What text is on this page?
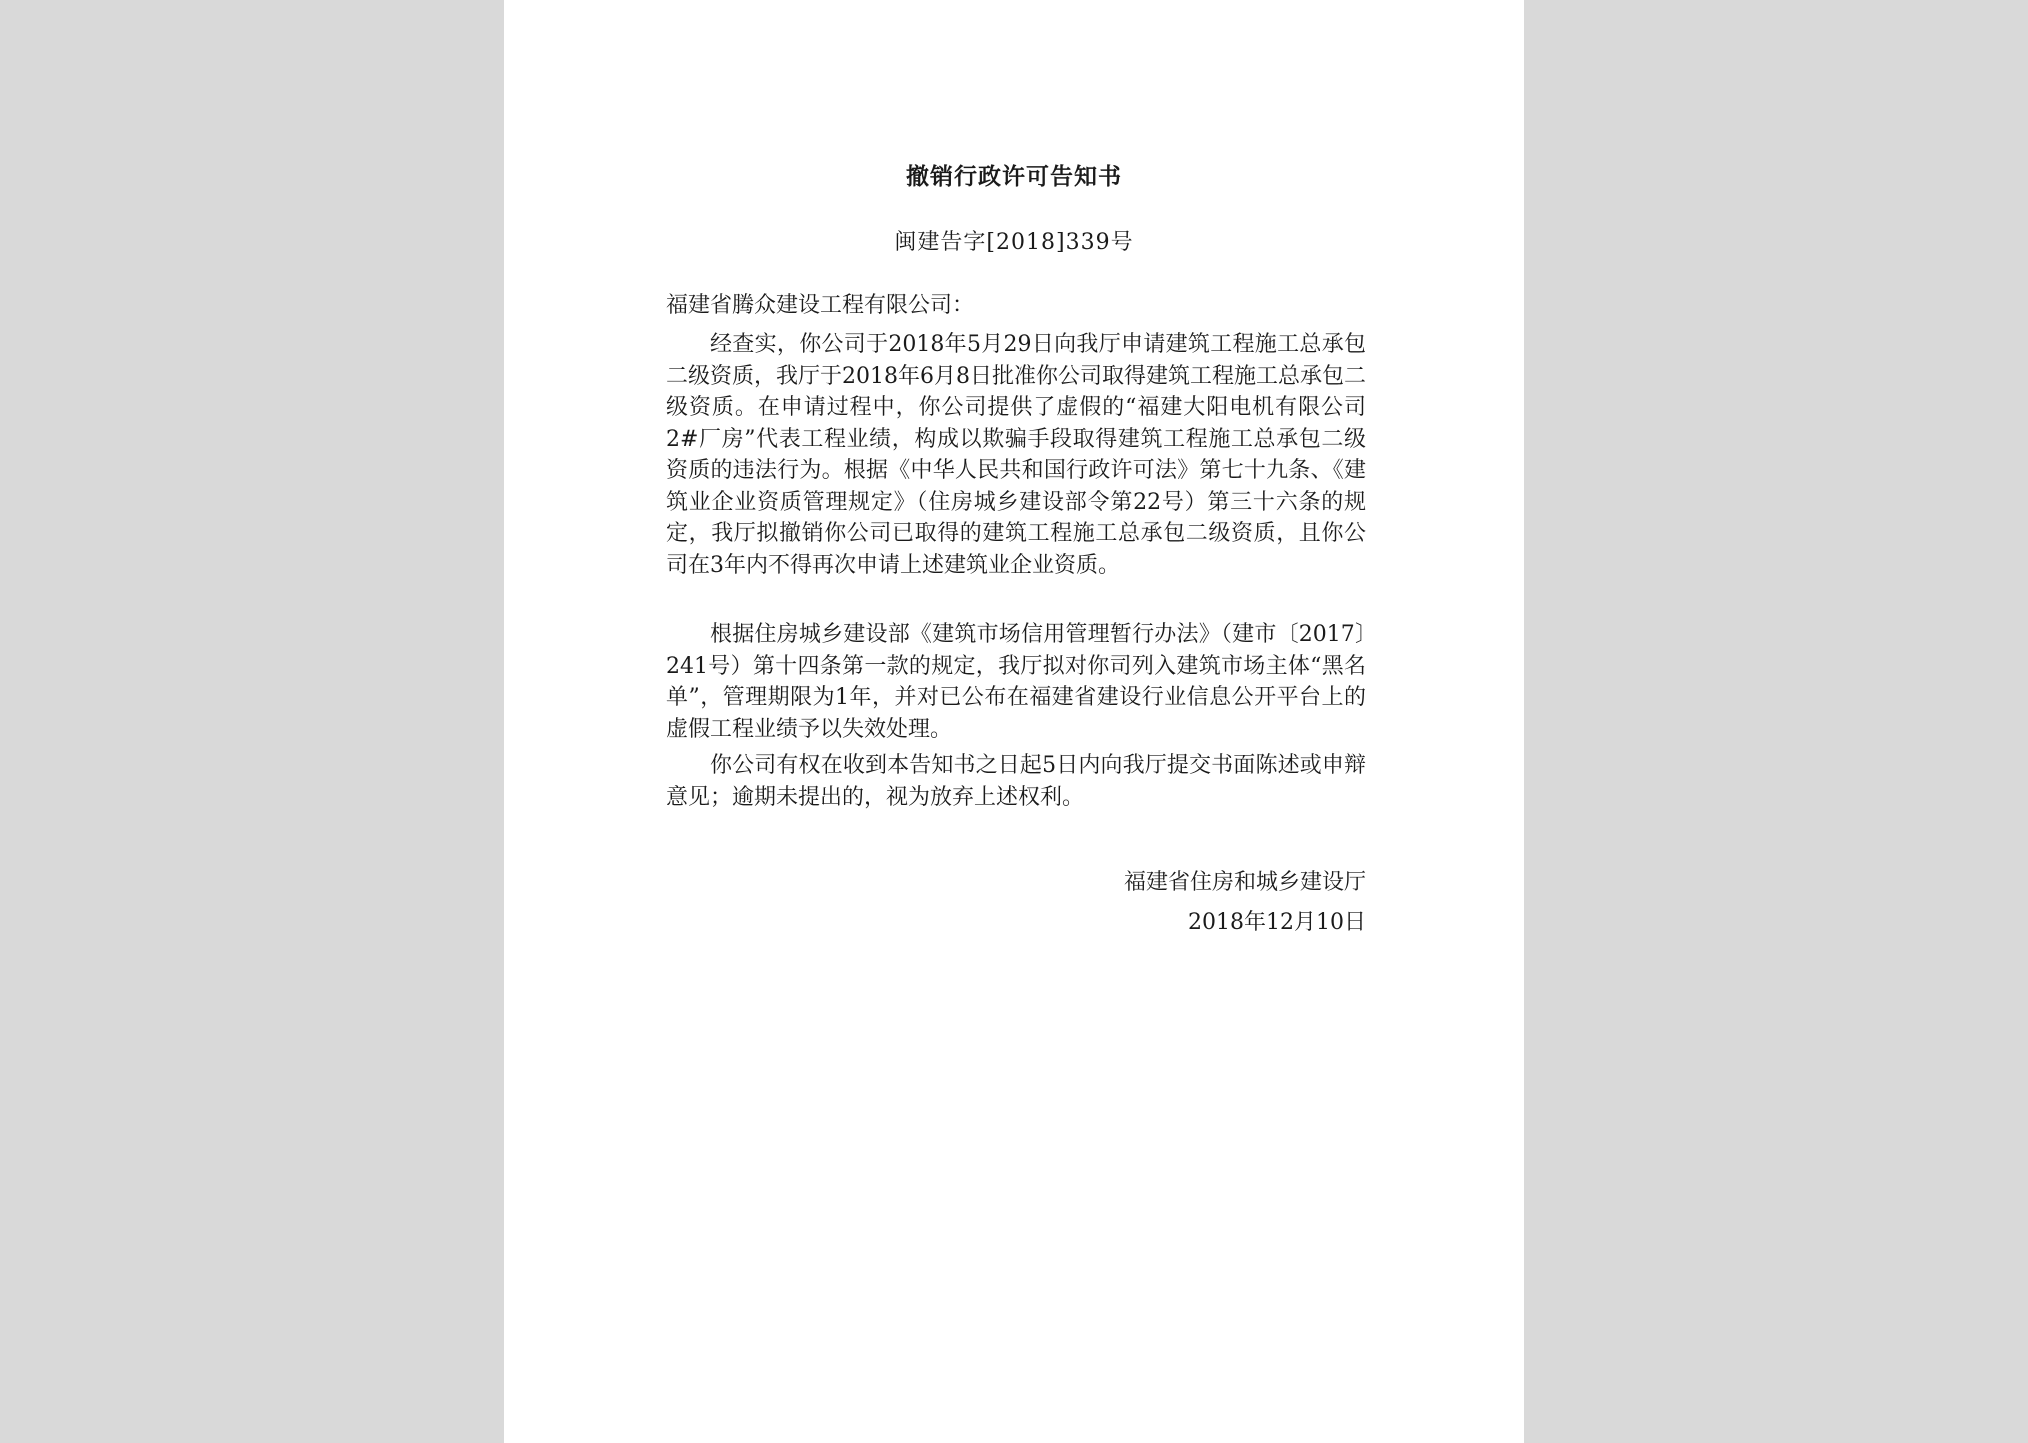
撤销行政许可告知书
闽建告字[2018]339号
福建省腾众建设工程有限公司：

经查实，你公司于2018年5月29日向我厅申请建筑工程施工总承包二级资质，我厅于2018年6月8日批准你公司取得建筑工程施工总承包二级资质。在申请过程中，你公司提供了虚假的“福建大阳电机有限公司2#厂房”代表工程业绩，构成以欺骗手段取得建筑工程施工总承包二级资质的违法行为。根据《中华人民共和国行政许可法》第七十九条、《建筑业企业资质管理规定》（住房城乡建设部令第22号）第三十六条的规定，我厅拟撤销你公司已取得的建筑工程施工总承包二级资质，且你公司在3年内不得再次申请上述建筑业企业资质。

根据住房城乡建设部《建筑市场信用管理暂行办法》（建市〔2017〕241号）第十四条第一款的规定，我厅拟对你司列入建筑市场主体“黑名单”，管理期限为1年，并对已公布在福建省建设行业信息公开平台上的虚假工程业绩予以失效处理。

你公司有权在收到本告知书之日起5日内向我厅提交书面陈述或申辩意见；逾期未提出的，视为放弃上述权利。

福建省住房和城乡建设厅
2018年12月10日
